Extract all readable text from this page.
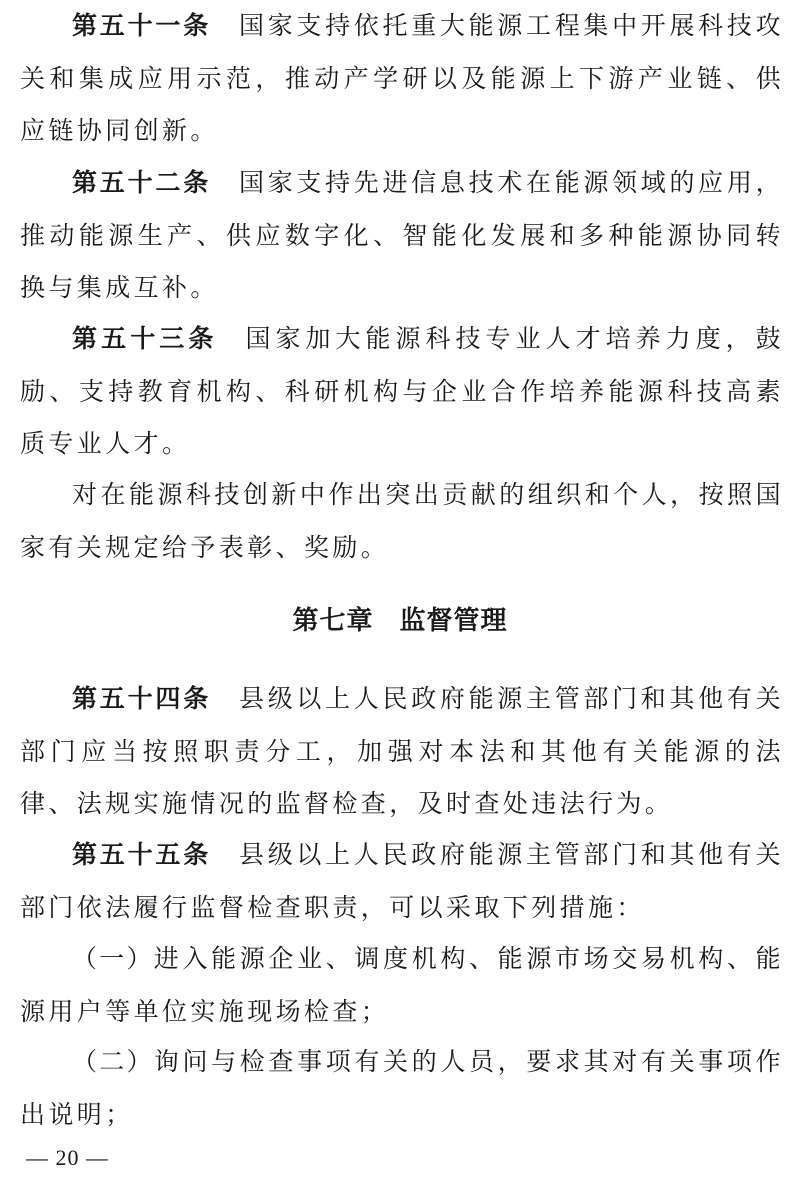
第五十一条 国家支持依托重大能源工程集中开展科技攻关和集成应用示范，推动产学研以及能源上下游产业链、供应链协同创新。

第五十二条 国家支持先进信息技术在能源领域的应用，推动能源生产、供应数字化、智能化发展和多种能源协同转换与集成互补。

第五十三条 国家加大能源科技专业人才培养力度，鼓励、支持教育机构、科研机构与企业合作培养能源科技高素质专业人才。

对在能源科技创新中作出突出贡献的组织和个人，按照国家有关规定给予表彰、奖励。

第七章 监督管理

第五十四条 县级以上人民政府能源主管部门和其他有关部门应当按照职责分工，加强对本法和其他有关能源的法律、法规实施情况的监督检查，及时查处违法行为。

第五十五条 县级以上人民政府能源主管部门和其他有关部门依法履行监督检查职责，可以采取下列措施：

（一）进入能源企业、调度机构、能源市场交易机构、能源用户等单位实施现场检查；

（二）询问与检查事项有关的人员，要求其对有关事项作出说明；

— 20 —
